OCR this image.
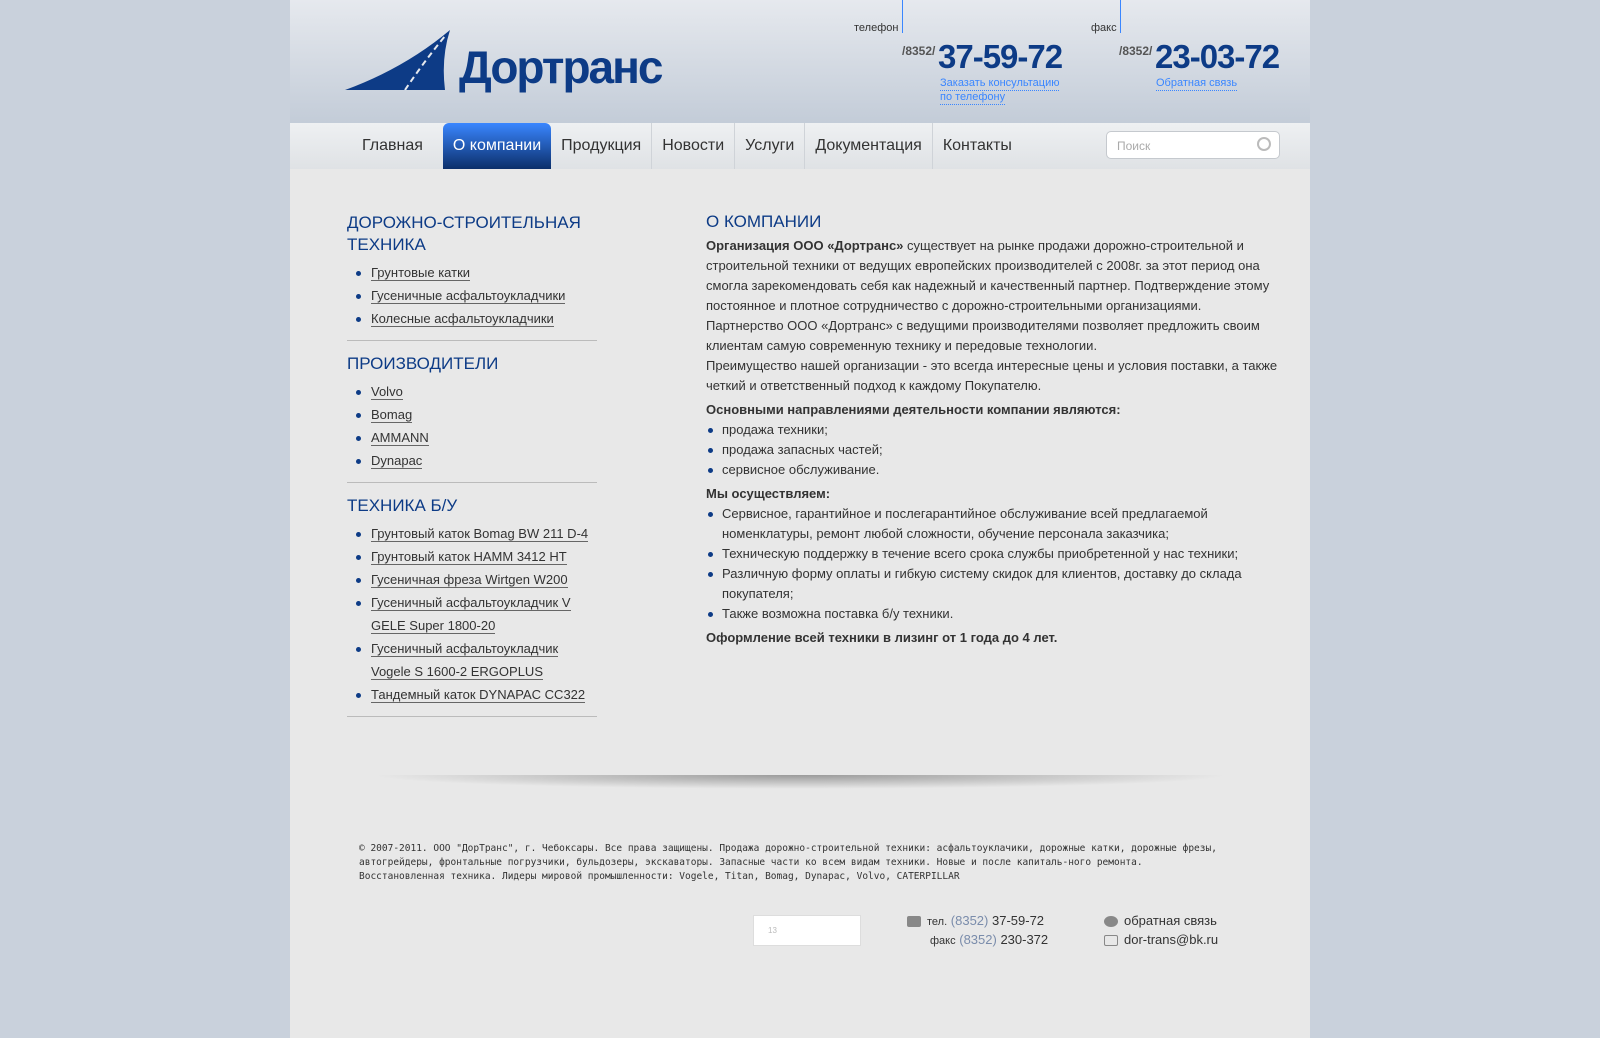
Дортранс
телефон	факс
/8352/ 37-59-72
Заказать консультацию
по телефону
/8352/ 23-03-72
Обратная связь
Главная	О компании	Продукция	Новости	Услуги	Документация	Контакты	Поиск
ДОРОЖНО-СТРОИТЕЛЬНАЯ ТЕХНИКА
Грунтовые катки
Гусеничные асфальтоукладчики
Колесные асфальтоукладчики
ПРОИЗВОДИТЕЛИ
Volvo
Bomag
AMMANN
Dynapac
ТЕХНИКА Б/У
Грунтовый каток Bomag BW 211 D-4
Грунтовый каток HAMM 3412 HT
Гусеничная фреза Wirtgen W200
Гусеничный асфальтоукладчик V GELE Super 1800-20
Гусеничный асфальтоукладчик Vogele S 1600-2 ERGOPLUS
Тандемный каток DYNAPAC CC322
О КОМПАНИИ

Организация ООО «Дортранс» существует на рынке продажи дорожно-строительной и строительной техники от ведущих европейских производителей с 2008г. за этот период она смогла зарекомендовать себя как надежный и качественный партнер. Подтверждение этому постоянное и плотное сотрудничество с дорожно-строительными организациями.

Партнерство ООО «Дортранс» с ведущими производителями позволяет предложить своим клиентам самую современную технику и передовые технологии.

Преимущество нашей организации - это всегда интересные цены и условия поставки, а также четкий и ответственный подход к каждому Покупателю.

Основными направлениями деятельности компании являются:

продажа техники;
продажа запасных частей;
сервисное обслуживание.

Мы осуществляем:

Сервисное, гарантийное и послегарантийное обслуживание всей предлагаемой номенклатуры, ремонт любой сложности, обучение персонала заказчика;
Техническую поддержку в течение всего срока службы приобретенной у нас техники;
Различную форму оплаты и гибкую систему скидок для клиентов, доставку до склада покупателя;
Также возможна поставка б/у техники.

Оформление всей техники в лизинг от 1 года до 4 лет.

© 2007-2011. ООО "ДорТранс", г. Чебоксары. Все права защищены. Продажа дорожно-строительной техники: асфальтоуклачики, дорожные катки, дорожные фрезы, автогрейдеры, фронтальные погрузчики, бульдозеры, экскаваторы. Запасные части ко всем видам техники. Новые и после капиталь-ного ремонта. Восстановленная техника. Лидеры мировой промышленности: Vogele, Titan, Bomag, Dynapac, Volvo, CATERPILLAR
13
тел. (8352) 37-59-72
факс (8352) 230-372
обратная связь
dor-trans@bk.ru
